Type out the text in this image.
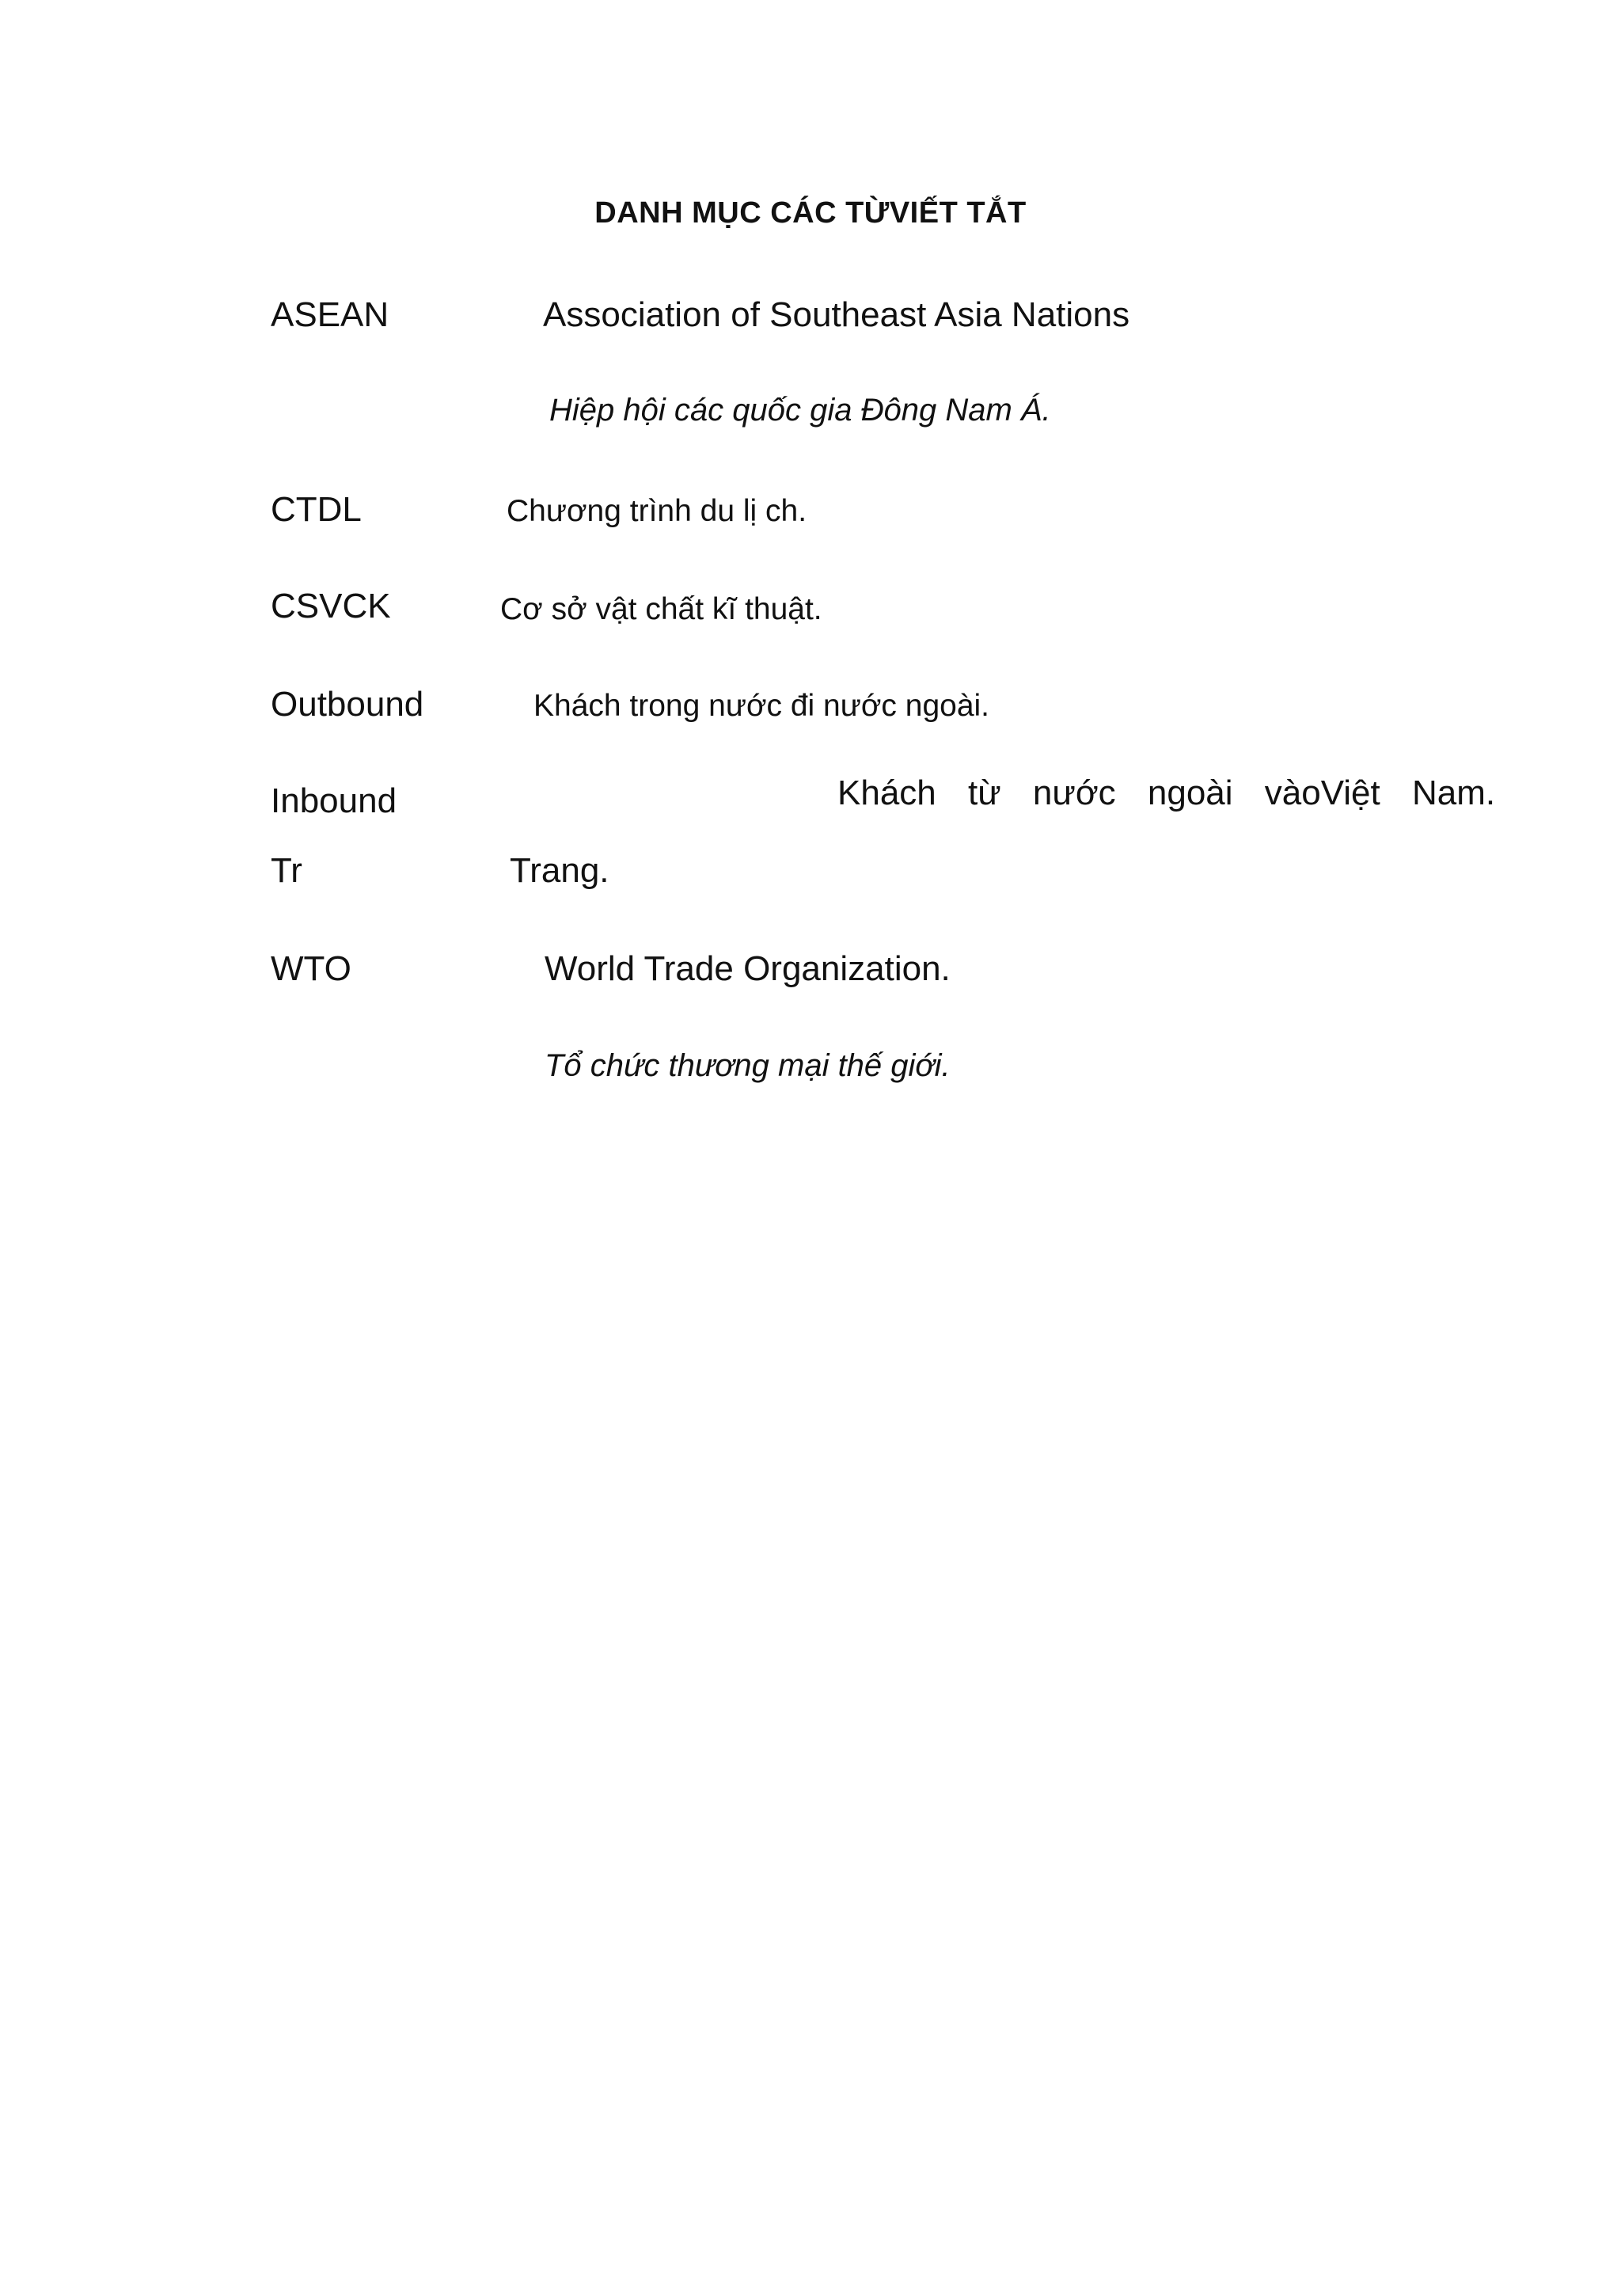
DANH MỤC CÁC TỪVIẾT TẮT
ASEAN	Association of Southeast Asia Nations
Hiệp hội các quốc gia Đông Nam Á.
CTDL	Chương trình du lị ch.
CSVCK	Cơ sở vật chất kĩ thuật.
Outbound	Khách trong nước đi nước ngoài.
Inbound	Khách từ nước ngoài vàoViệt Nam.
Tr	Trang.
WTO	World Trade Organization.
Tổ chức thương mại thế giới.
